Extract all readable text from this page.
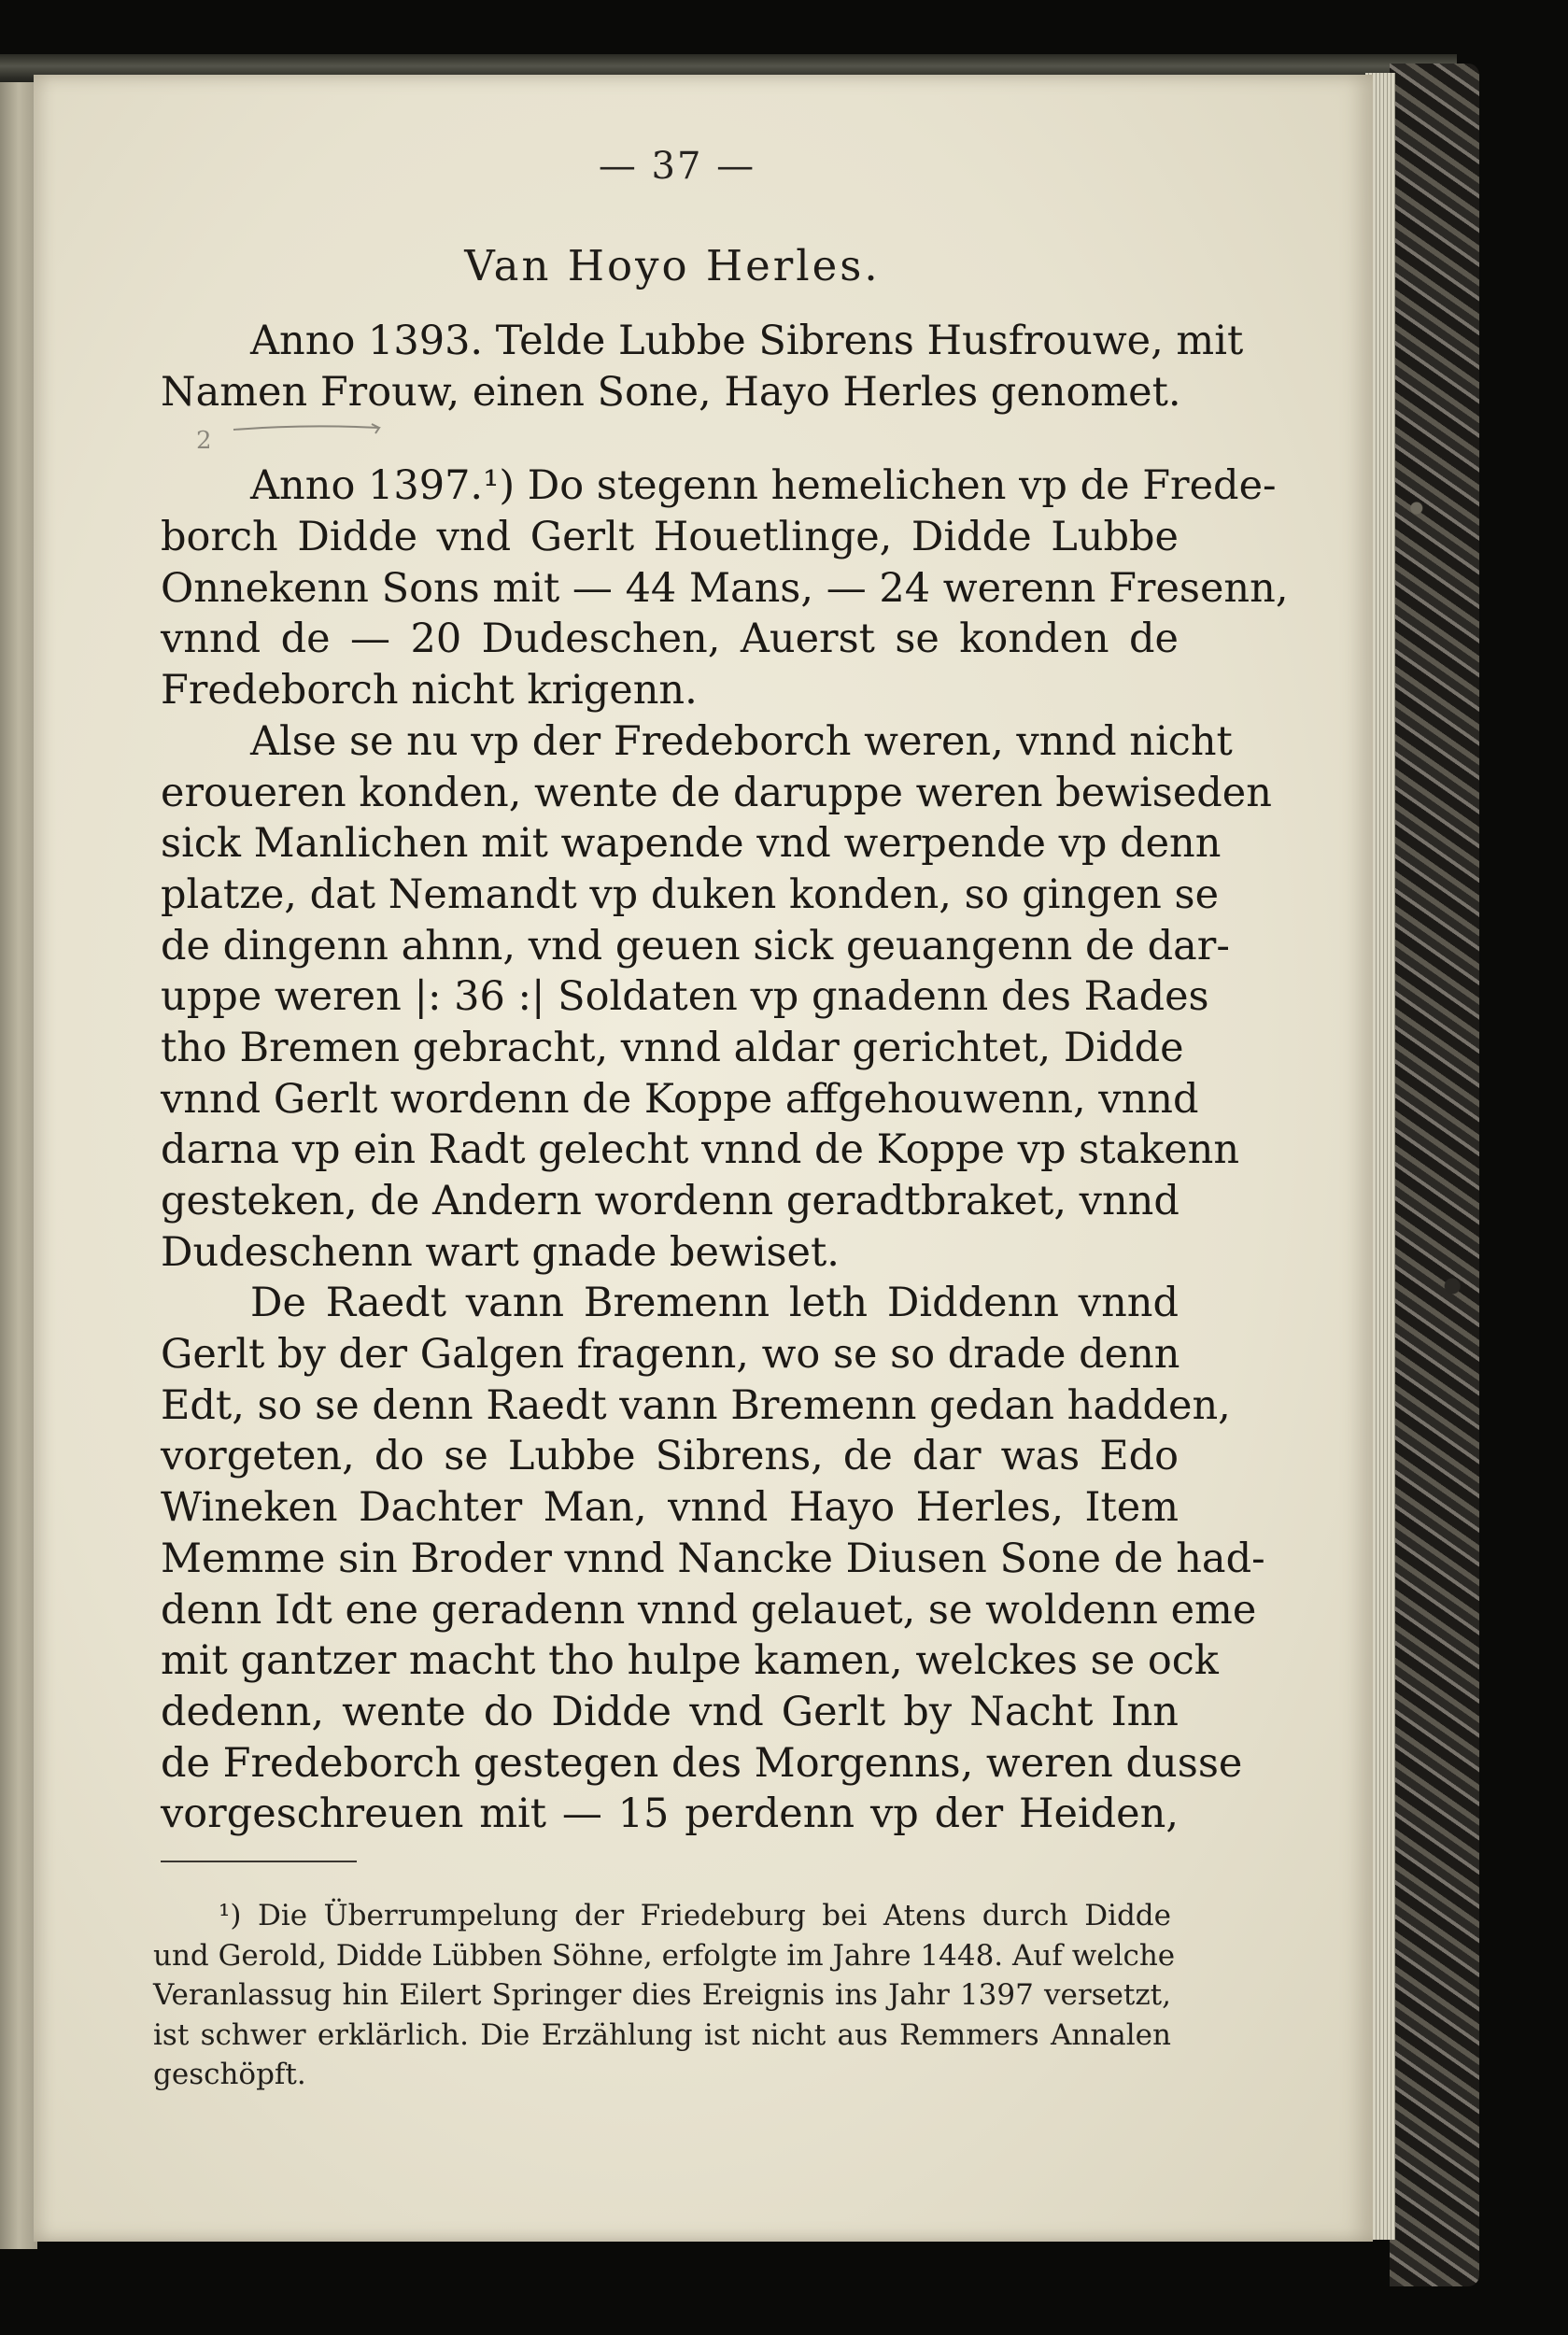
2
— 37 —
Van Hoyo Herles.
Anno 1393. Telde Lubbe Sibrens Husfrouwe, mit
Namen Frouw, einen Sone, Hayo Herles genomet.
Anno 1397.¹) Do stegenn hemelichen vp de Frede-
borch Didde vnd Gerlt Houetlinge, Didde Lubbe
Onnekenn Sons mit — 44 Mans, — 24 werenn Fresenn,
vnnd de — 20 Dudeschen, Auerst se konden de
Fredeborch nicht krigenn.
Alse se nu vp der Fredeborch weren, vnnd nicht
eroueren konden, wente de daruppe weren bewiseden
sick Manlichen mit wapende vnd werpende vp denn
platze, dat Nemandt vp duken konden, so gingen se
de dingenn ahnn, vnd geuen sick geuangenn de dar-
uppe weren |: 36 :| Soldaten vp gnadenn des Rades
tho Bremen gebracht, vnnd aldar gerichtet, Didde
vnnd Gerlt wordenn de Koppe affgehouwenn, vnnd
darna vp ein Radt gelecht vnnd de Koppe vp stakenn
gesteken, de Andern wordenn geradtbraket, vnnd
Dudeschenn wart gnade bewiset.
De Raedt vann Bremenn leth Diddenn vnnd
Gerlt by der Galgen fragenn, wo se so drade denn
Edt, so se denn Raedt vann Bremenn gedan hadden,
vorgeten, do se Lubbe Sibrens, de dar was Edo
Wineken Dachter Man, vnnd Hayo Herles, Item
Memme sin Broder vnnd Nancke Diusen Sone de had-
denn Idt ene geradenn vnnd gelauet, se woldenn eme
mit gantzer macht tho hulpe kamen, welckes se ock
dedenn, wente do Didde vnd Gerlt by Nacht Inn
de Fredeborch gestegen des Morgenns, weren dusse
vorgeschreuen mit — 15 perdenn vp der Heiden,
¹) Die Überrumpelung der Friedeburg bei Atens durch Didde
und Gerold, Didde Lübben Söhne, erfolgte im Jahre 1448. Auf welche
Veranlassug hin Eilert Springer dies Ereignis ins Jahr 1397 versetzt,
ist schwer erklärlich. Die Erzählung ist nicht aus Remmers Annalen
geschöpft.
